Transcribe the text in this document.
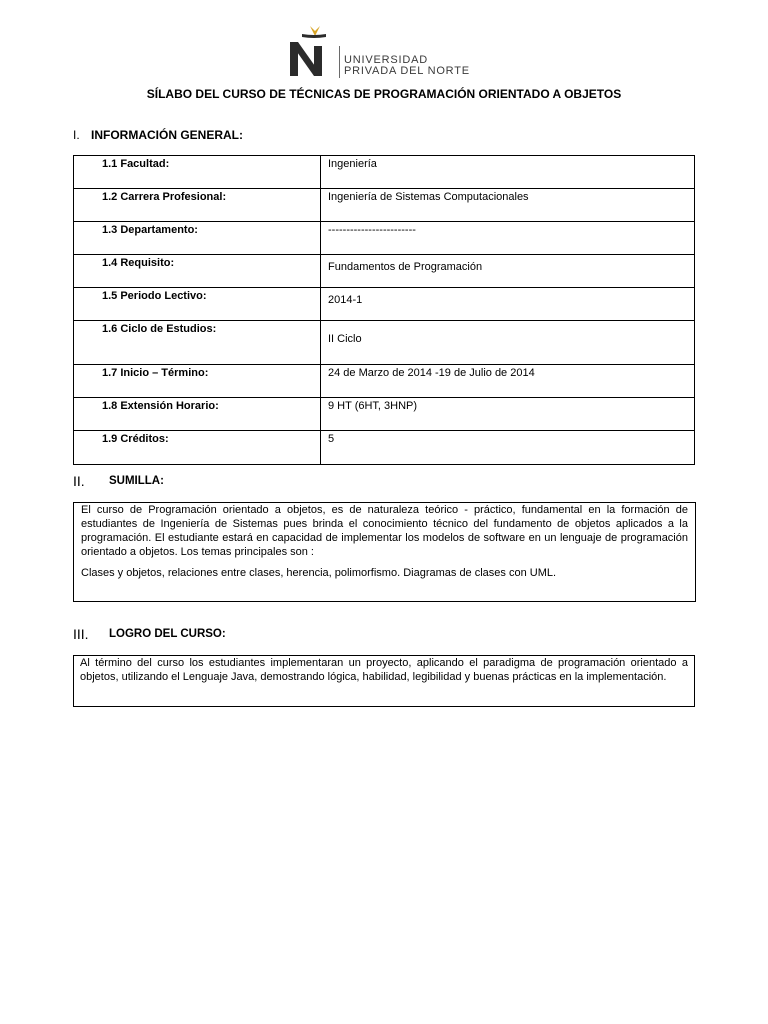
UNIVERSIDAD
PRIVADA DEL NORTE
SÍLABO DEL CURSO DE TÉCNICAS DE PROGRAMACIÓN ORIENTADO A OBJETOS
I. INFORMACIÓN GENERAL:
1.1 Facultad:	Ingeniería
1.2 Carrera Profesional:	Ingeniería de Sistemas Computacionales
1.3 Departamento:	------------------------
1.4 Requisito:	Fundamentos de Programación

1.5 Periodo Lectivo:	2014-1

1.6 Ciclo de Estudios:	II Ciclo

1.7 Inicio – Término:	24 de Marzo de 2014 -19 de Julio de 2014
1.8 Extensión Horario:	9 HT (6HT, 3HNP)
1.9 Créditos:	5
II. SUMILLA:

El curso de Programación orientado a objetos, es de naturaleza teórico - práctico, fundamental en la formación de estudiantes de Ingeniería de Sistemas pues brinda el conocimiento técnico del fundamento de objetos aplicados a la programación. El estudiante estará en capacidad de implementar los modelos de software en un lenguaje de programación orientado a objetos. Los temas principales son :

Clases y objetos, relaciones entre clases, herencia, polimorfismo. Diagramas de clases con UML.

III. LOGRO DEL CURSO:

Al término del curso los estudiantes implementaran un proyecto, aplicando el paradigma de programación orientado a objetos, utilizando el Lenguaje Java, demostrando lógica, habilidad, legibilidad y buenas prácticas en la implementación.
